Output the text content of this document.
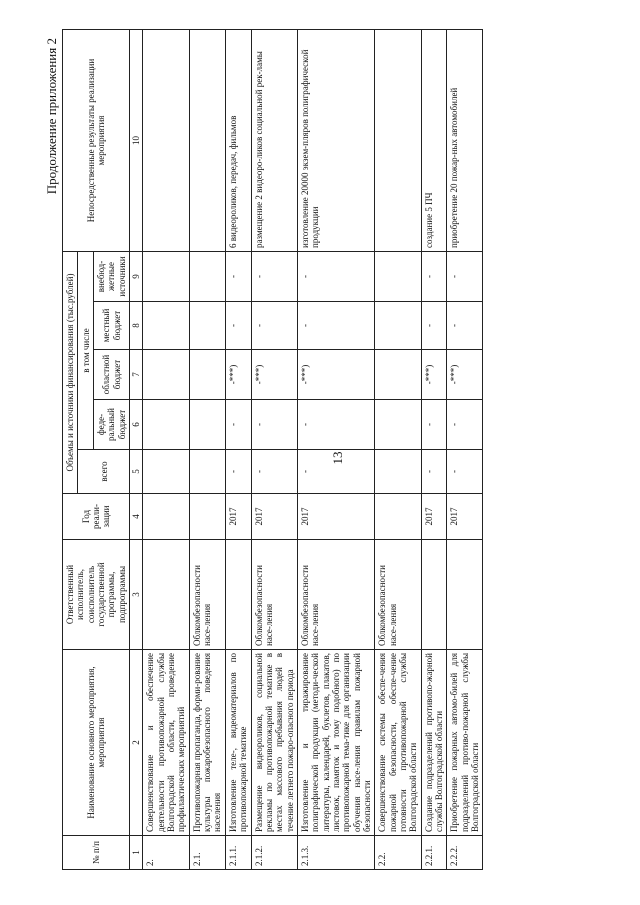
13
Продолжение приложения 2
№ п/п	Наименование основного мероприятия, мероприятия	Ответственный исполнитель, соисполнитель государственной программы, подпрограммы	Год реали-зации	Объемы и источники финансирования (тыс.рублей)					Непосредственные результаты реализации мероприятия
				всего	в том числе				
					феде-ральный бюджет	областной бюджет	местный бюджет	внебюд-жетные источники	
1	2	3	4	5	6	7	8	9	10
2.	Совершенствование и обеспечение деятельности противопожарной службы Волгоградской области, проведение профилактических мероприятий								
2.1.	Противопожарная пропаганда, форми-рование культуры пожаробезопасного поведения населения	Облкомбезопасности насе-ления							
2.1.1.	Изготовление теле-, видеоматериалов по противопожарной тематике		2017	-	-	-***)	-	-	6 видеороликов, передач, фильмов
2.1.2.	Размещение видеороликов, социальной рекламы по противопожарной тематике в местах массового пребывания людей в течение летнего пожаро-опасного периода	Облкомбезопасности насе-ления	2017	-	-	-***)	-	-	размещение 2 видеоро-ликов социальной рек-ламы
2.1.3.	Изготовление и тиражирование полиграфической продукции (методи-ческой литературы, календарей, буклетов, плакатов, листовок, памяток и тому подобного) по противопожарной тема-тике для организации обучения насе-ления правилам пожарной безопасности	Облкомбезопасности насе-ления	2017	-	-	-***)	-	-	изготовление 20000 экзем-пляров полиграфической продукции
2.2.	Совершенствование системы обеспе-чения пожарной безопасности, обеспе-чение готовности противопожарной службы Волгоградской области	Облкомбезопасности насе-ления							
2.2.1.	Создание подразделений противопо-жарной службы Волгоградской области		2017	-	-	-***)	-	-	создание 5 ПЧ
2.2.2.	Приобретение пожарных автомо-билей для подразделений противо-пожарной службы Волгоградской области		2017	-	-	-***)	-	-	приобретение 20 пожар-ных автомобилей
